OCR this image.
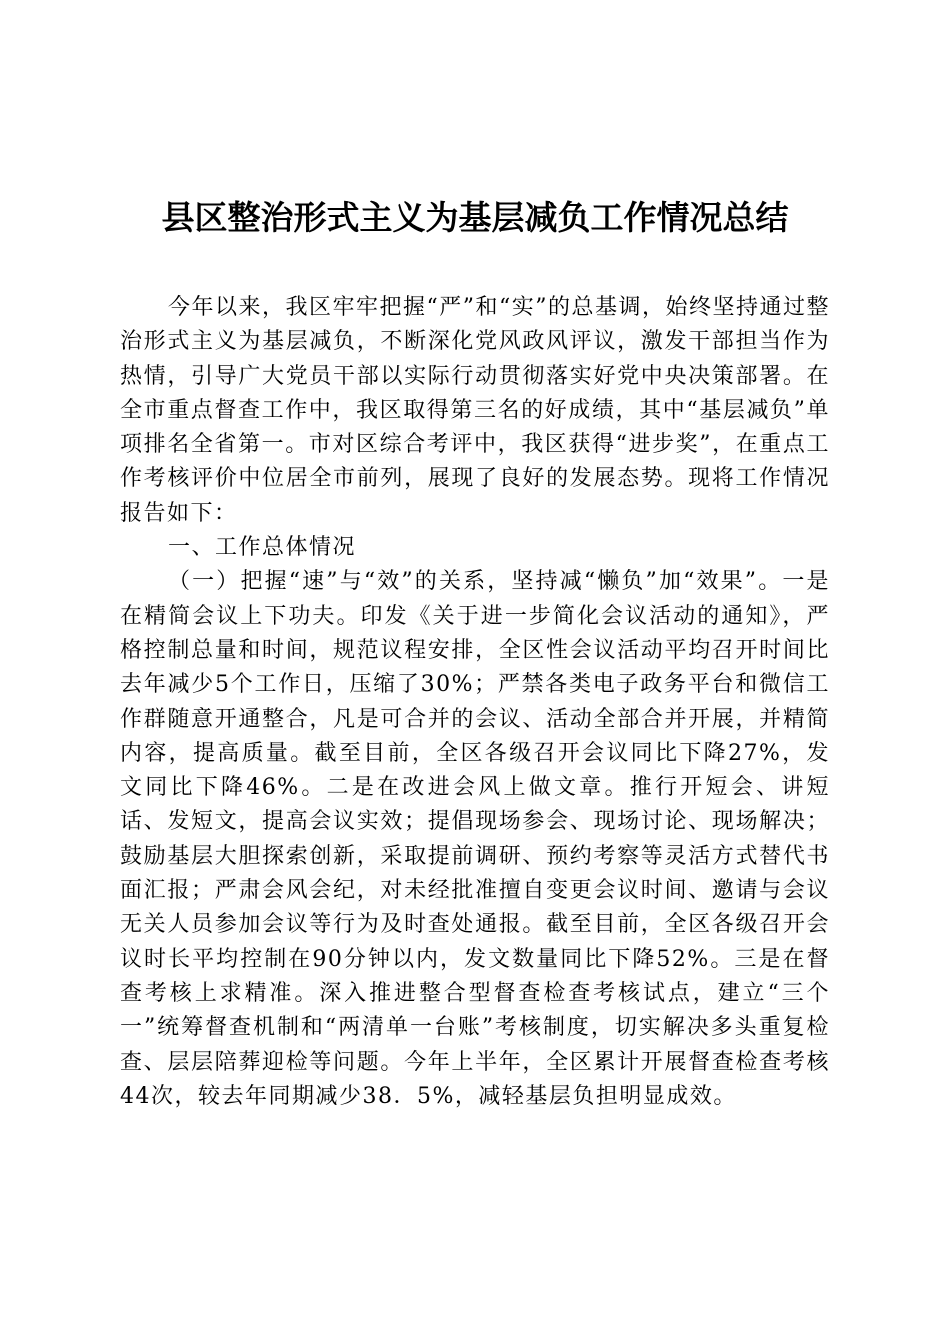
县区整治形式主义为基层减负工作情况总结

今年以来，我区牢牢把握“严”和“实”的总基调，始终坚持通过整治形式主义为基层减负，不断深化党风政风评议，激发干部担当作为热情，引导广大党员干部以实际行动贯彻落实好党中央决策部署。在全市重点督查工作中，我区取得第三名的好成绩，其中“基层减负”单项排名全省第一。市对区综合考评中，我区获得“进步奖”，在重点工作考核评价中位居全市前列，展现了良好的发展态势。现将工作情况报告如下：

一、工作总体情况

（一）把握“速”与“效”的关系，坚持减“懒负”加“效果”。一是在精简会议上下功夫。印发《关于进一步简化会议活动的通知》，严格控制总量和时间，规范议程安排，全区性会议活动平均召开时间比去年减少5个工作日，压缩了30%；严禁各类电子政务平台和微信工作群随意开通整合，凡是可合并的会议、活动全部合并开展，并精简内容，提高质量。截至目前，全区各级召开会议同比下降27%，发文同比下降46%。二是在改进会风上做文章。推行开短会、讲短话、发短文，提高会议实效；提倡现场参会、现场讨论、现场解决；鼓励基层大胆探索创新，采取提前调研、预约考察等灵活方式替代书面汇报；严肃会风会纪，对未经批准擅自变更会议时间、邀请与会议无关人员参加会议等行为及时查处通报。截至目前，全区各级召开会议时长平均控制在90分钟以内，发文数量同比下降52%。三是在督查考核上求精准。深入推进整合型督查检查考核试点，建立“三个一”统筹督查机制和“两清单一台账”考核制度，切实解决多头重复检查、层层陪葬迎检等问题。今年上半年，全区累计开展督查检查考核44次，较去年同期减少38．5%，减轻基层负担明显成效。
